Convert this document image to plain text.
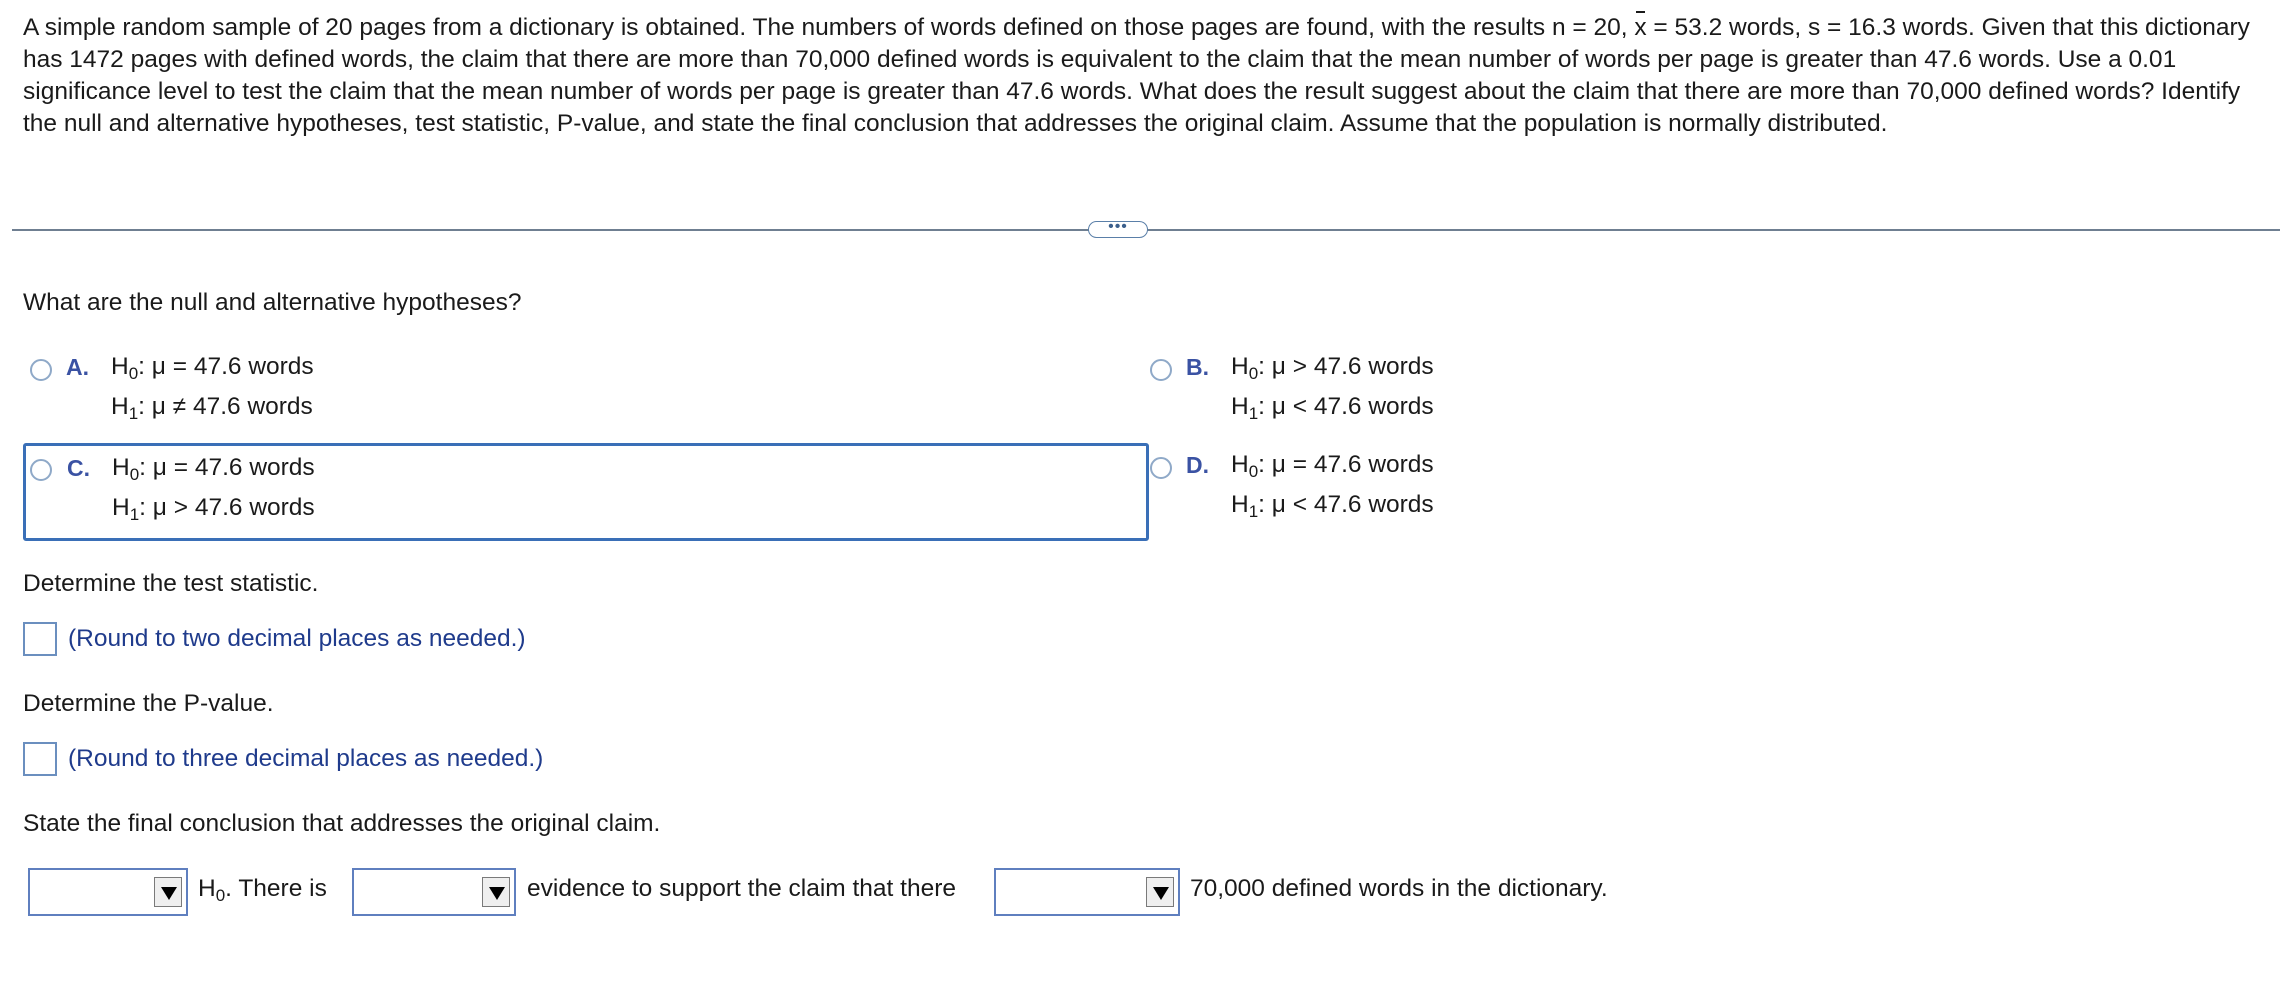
A simple random sample of 20 pages from a dictionary is obtained. The numbers of words defined on those pages are found, with the results n = 20, x = 53.2 words, s = 16.3 words. Given that this dictionary has 1472 pages with defined words, the claim that there are more than 70,000 defined words is equivalent to the claim that the mean number of words per page is greater than 47.6 words. Use a 0.01 significance level to test the claim that the mean number of words per page is greater than 47.6 words. What does the result suggest about the claim that there are more than 70,000 defined words? Identify the null and alternative hypotheses, test statistic, P-value, and state the final conclusion that addresses the original claim. Assume that the population is normally distributed.
•••
What are the null and alternative hypotheses?
A. $H_0$: μ = 47.6 words
$H_1$: μ ≠ 47.6 words
B. $H_0$: μ > 47.6 words
$H_1$: μ < 47.6 words
C. $H_0$: μ = 47.6 words
$H_1$: μ > 47.6 words
D. $H_0$: μ = 47.6 words
$H_1$: μ < 47.6 words
Determine the test statistic.
(Round to two decimal places as needed.)
Determine the P-value.
(Round to three decimal places as needed.)
State the final conclusion that addresses the original claim.
$H_0$. There is	evidence to support the claim that there	70,000 defined words in the dictionary.
